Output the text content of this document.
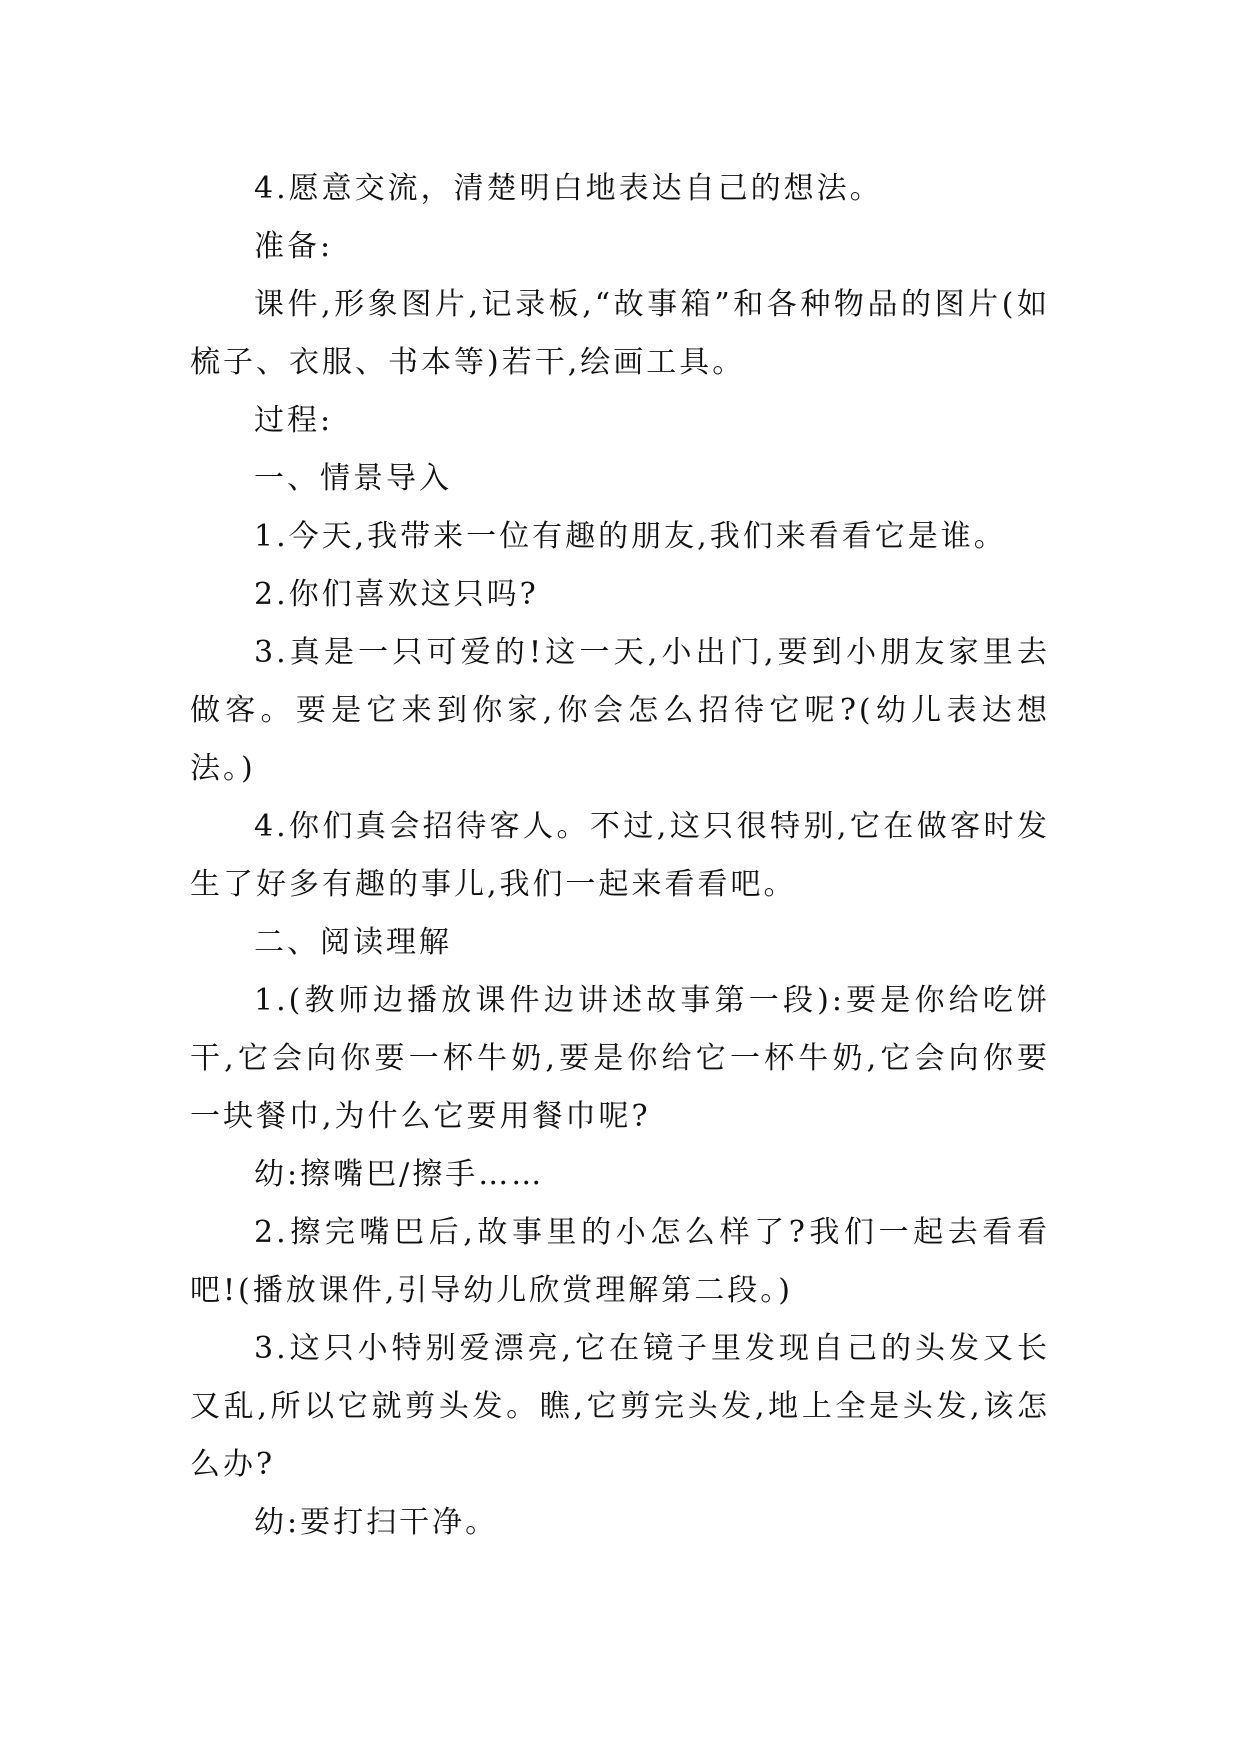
4.愿意交流，清楚明白地表达自己的想法。

准备:

课件,形象图片,记录板,“故事箱”和各种物品的图片(如梳子、衣服、书本等)若干,绘画工具。

过程:

一、情景导入

1.今天,我带来一位有趣的朋友,我们来看看它是谁。

2.你们喜欢这只吗?

3.真是一只可爱的!这一天,小出门,要到小朋友家里去做客。要是它来到你家,你会怎么招待它呢?(幼儿表达想法。)

4.你们真会招待客人。不过,这只很特别,它在做客时发生了好多有趣的事儿,我们一起来看看吧。

二、阅读理解

1.(教师边播放课件边讲述故事第一段):要是你给吃饼干,它会向你要一杯牛奶,要是你给它一杯牛奶,它会向你要一块餐巾,为什么它要用餐巾呢?

幼:擦嘴巴/擦手……

2.擦完嘴巴后,故事里的小怎么样了?我们一起去看看吧!(播放课件,引导幼儿欣赏理解第二段。)

3.这只小特别爱漂亮,它在镜子里发现自己的头发又长又乱,所以它就剪头发。瞧,它剪完头发,地上全是头发,该怎么办?

幼:要打扫干净。
